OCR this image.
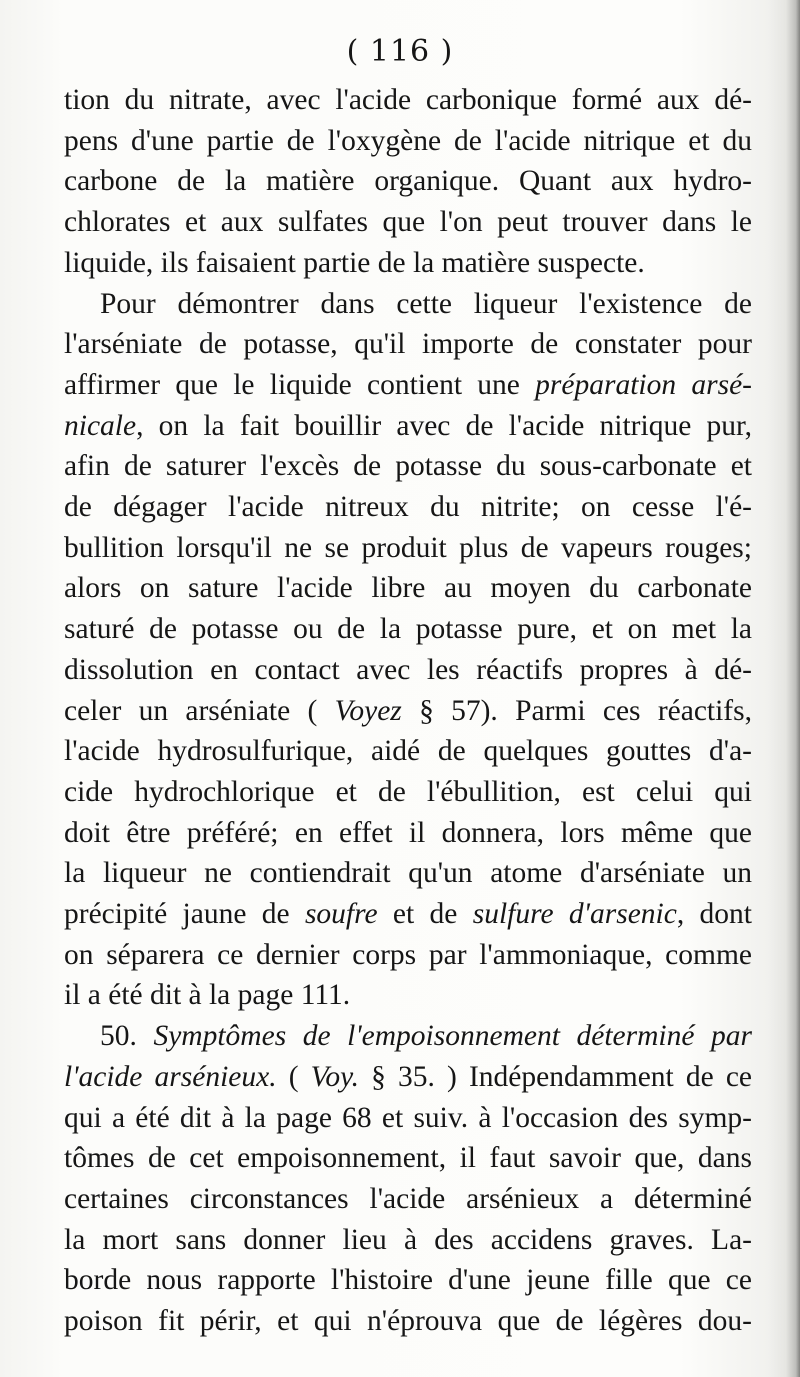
( 116 )
tion du nitrate, avec l'acide carbonique formé aux dé-
pens d'une partie de l'oxygène de l'acide nitrique et du
carbone de la matière organique. Quant aux hydro-
chlorates et aux sulfates que l'on peut trouver dans le
liquide, ils faisaient partie de la matière suspecte.
Pour démontrer dans cette liqueur l'existence de
l'arséniate de potasse, qu'il importe de constater pour
affirmer que le liquide contient une préparation arsé-
nicale, on la fait bouillir avec de l'acide nitrique pur,
afin de saturer l'excès de potasse du sous-carbonate et
de dégager l'acide nitreux du nitrite; on cesse l'é-
bullition lorsqu'il ne se produit plus de vapeurs rouges;
alors on sature l'acide libre au moyen du carbonate
saturé de potasse ou de la potasse pure, et on met la
dissolution en contact avec les réactifs propres à dé-
celer un arséniate ( Voyez § 57). Parmi ces réactifs,
l'acide hydrosulfurique, aidé de quelques gouttes d'a-
cide hydrochlorique et de l'ébullition, est celui qui
doit être préféré; en effet il donnera, lors même que
la liqueur ne contiendrait qu'un atome d'arséniate un
précipité jaune de soufre et de sulfure d'arsenic, dont
on séparera ce dernier corps par l'ammoniaque, comme
il a été dit à la page 111.
50. Symptômes de l'empoisonnement déterminé par
l'acide arsénieux. ( Voy. § 35. ) Indépendamment de ce
qui a été dit à la page 68 et suiv. à l'occasion des symp-
tômes de cet empoisonnement, il faut savoir que, dans
certaines circonstances l'acide arsénieux a déterminé
la mort sans donner lieu à des accidens graves. La-
borde nous rapporte l'histoire d'une jeune fille que ce
poison fit périr, et qui n'éprouva que de légères dou-
